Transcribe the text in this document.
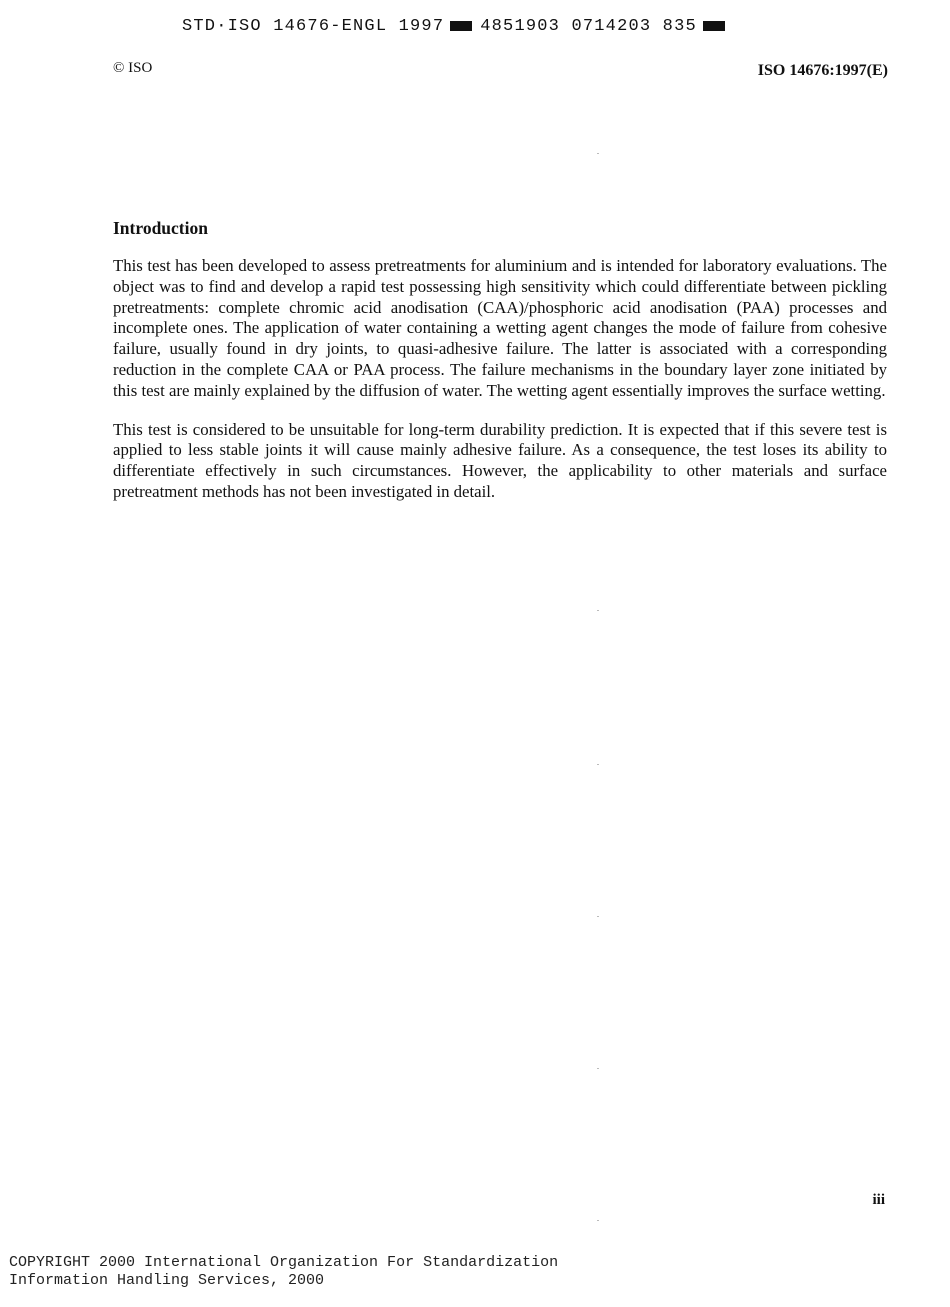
STD·ISO 14676-ENGL 1997 4851903 0714203 835
© ISO	ISO 14676:1997(E)
Introduction

This test has been developed to assess pretreatments for aluminium and is intended for laboratory evaluations. The object was to find and develop a rapid test possessing high sensitivity which could differentiate between pickling pretreatments: complete chromic acid anodisation (CAA)/phosphoric acid anodisation (PAA) processes and incomplete ones. The application of water containing a wetting agent changes the mode of failure from cohesive failure, usually found in dry joints, to quasi-adhesive failure. The latter is associated with a corresponding reduction in the complete CAA or PAA process. The failure mechanisms in the boundary layer zone initiated by this test are mainly explained by the diffusion of water. The wetting agent essentially improves the surface wetting.

This test is considered to be unsuitable for long-term durability prediction. It is expected that if this severe test is applied to less stable joints it will cause mainly adhesive failure. As a consequence, the test loses its ability to differentiate effectively in such circumstances. However, the applicability to other materials and surface pretreatment methods has not been investigated in detail.

iii
COPYRIGHT 2000 International Organization For Standardization
Information Handling Services, 2000
